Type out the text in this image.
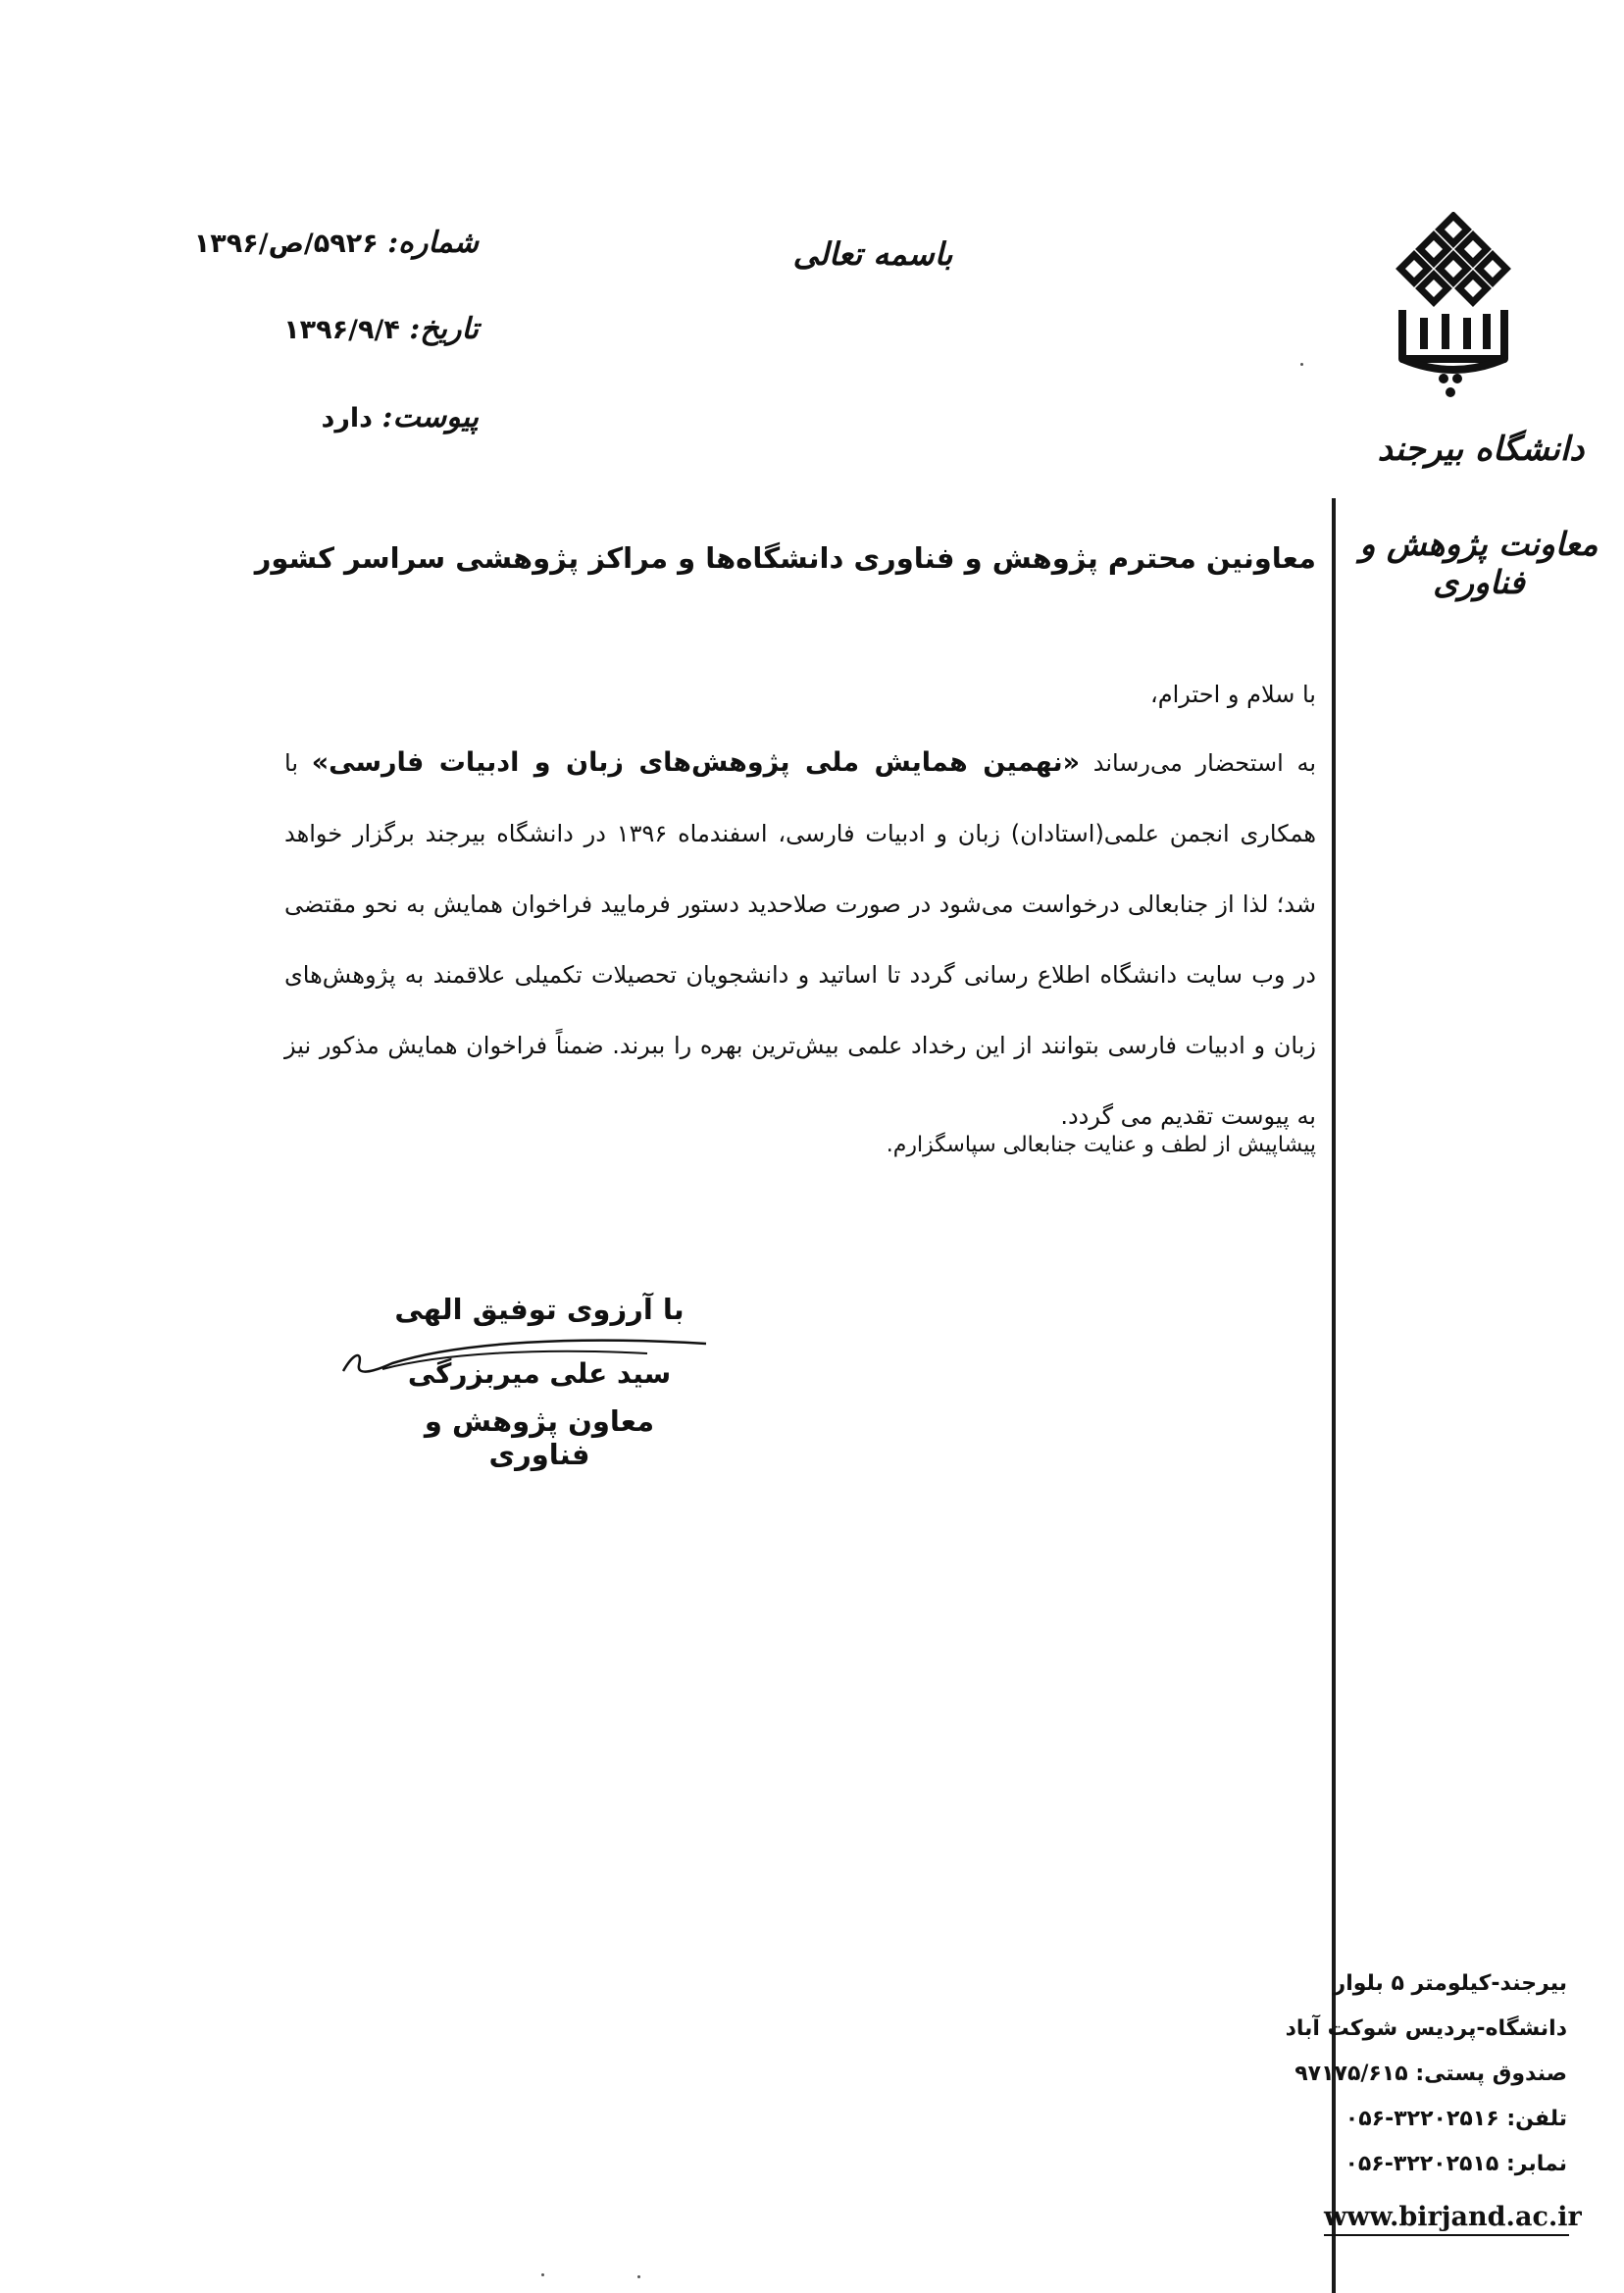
دانشگاه بیرجند
معاونت پژوهش و فناوری
باسمه تعالی
شماره: ۵۹۲۶/ص/۱۳۹۶
تاریخ: ۱۳۹۶/۹/۴
پیوست: دارد
معاونین محترم پژوهش و فناوری دانشگاه‌ها و مراکز پژوهشی سراسر کشور
با سلام و احترام،
به استحضار می‌رساند «نهمین همایش ملی پژوهش‌های زبان و ادبیات فارسی» با همکاری انجمن علمی(استادان) زبان و ادبیات فارسی، اسفندماه ۱۳۹۶ در دانشگاه بیرجند برگزار خواهد شد؛ لذا از جنابعالی درخواست می‌شود در صورت صلاحدید دستور فرمایید فراخوان همایش به نحو مقتضی در وب سایت دانشگاه اطلاع رسانی گردد تا اساتید و دانشجویان تحصیلات تکمیلی علاقمند به پژوهش‌های زبان و ادبیات فارسی بتوانند از این رخداد علمی بیش‌ترین بهره را ببرند. ضمناً فراخوان همایش مذکور نیز به پیوست تقدیم می گردد.
پیشاپیش از لطف و عنایت جنابعالی سپاسگزارم.
با آرزوی توفیق الهی
سید علی میربزرگی
معاون پژوهش و فناوری
بیرجند-کیلومتر ۵ بلوار
دانشگاه-پردیس شوکت آباد
صندوق پستی: ۹۷۱۷۵/۶۱۵
تلفن: ۳۲۲۰۲۵۱۶-۰۵۶
نمابر: ۳۲۲۰۲۵۱۵-۰۵۶
www.birjand.ac.ir
